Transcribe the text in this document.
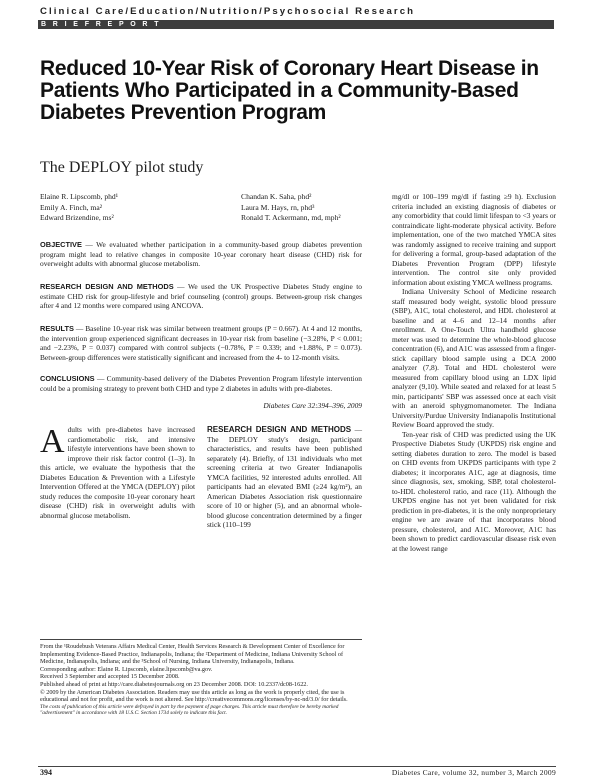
Clinical Care/Education/Nutrition/Psychosocial Research
B R I E F R E P O R T
Reduced 10-Year Risk of Coronary Heart Disease in Patients Who Participated in a Community-Based Diabetes Prevention Program
The DEPLOY pilot study
Elaine R. Lipscomb, phd¹
Emily A. Finch, ma²
Edward Brizendine, ms²
Chandan K. Saha, phd²
Laura M. Hays, rn, phd³
Ronald T. Ackermann, md, mph²
OBJECTIVE — We evaluated whether participation in a community-based group diabetes prevention program might lead to relative changes in composite 10-year coronary heart disease (CHD) risk for overweight adults with abnormal glucose metabolism.
RESEARCH DESIGN AND METHODS — We used the UK Prospective Diabetes Study engine to estimate CHD risk for group-lifestyle and brief counseling (control) groups. Between-group risk changes after 4 and 12 months were compared using ANCOVA.
RESULTS — Baseline 10-year risk was similar between treatment groups (P = 0.667). At 4 and 12 months, the intervention group experienced significant decreases in 10-year risk from baseline (−3.28%, P < 0.001; and −2.23%, P = 0.037) compared with control subjects (−0.78%, P = 0.339; and +1.88%, P = 0.073). Between-group differences were statistically significant and increased from the 4- to 12-month visits.
CONCLUSIONS — Community-based delivery of the Diabetes Prevention Program lifestyle intervention could be a promising strategy to prevent both CHD and type 2 diabetes in adults with pre-diabetes.
Diabetes Care 32:394–396, 2009
Adults with pre-diabetes have increased cardiometabolic risk, and intensive lifestyle interventions have been shown to improve their risk factor control (1–3). In this article, we evaluate the hypothesis that the Diabetes Education & Prevention with a Lifestyle Intervention Offered at the YMCA (DEPLOY) pilot study reduces the composite 10-year coronary heart disease (CHD) risk in overweight adults with abnormal glucose metabolism.
RESEARCH DESIGN AND METHODS — The DEPLOY study's design, participant characteristics, and results have been published separately (4). Briefly, of 131 individuals who met screening criteria at two Greater Indianapolis YMCA facilities, 92 interested adults enrolled. All participants had an elevated BMI (≥24 kg/m²), an American Diabetes Association risk questionnaire score of 10 or higher (5), and an abnormal whole-blood glucose concentration determined by a finger stick (110–199

mg/dl or 100–199 mg/dl if fasting ≥9 h). Exclusion criteria included an existing diagnosis of diabetes or any comorbidity that could limit lifespan to <3 years or contraindicate light-moderate physical activity. Before implementation, one of the two matched YMCA sites was randomly assigned to receive training and support for delivering a formal, group-based adaptation of the Diabetes Prevention Program (DPP) lifestyle intervention. The control site only provided information about existing YMCA wellness programs.

Indiana University School of Medicine research staff measured body weight, systolic blood pressure (SBP), A1C, total cholesterol, and HDL cholesterol at baseline and at 4–6 and 12–14 months after enrollment. A One-Touch Ultra handheld glucose meter was used to determine the whole-blood glucose concentration (6), and A1C was assessed from a finger-stick capillary blood sample using a DCA 2000 analyzer (7,8). Total and HDL cholesterol were measured from capillary blood using an LDX lipid analyzer (9,10). While seated and relaxed for at least 5 min, participants' SBP was assessed once at each visit with an aneroid sphygmomanometer. The Indiana University/Purdue University Indianapolis Institutional Review Board approved the study.

Ten-year risk of CHD was predicted using the UK Prospective Diabetes Study (UKPDS) risk engine and setting diabetes duration to zero. The model is based on CHD events from UKPDS participants with type 2 diabetes; it incorporates A1C, age at diagnosis, time since diagnosis, sex, smoking, SBP, total cholesterol-to-HDL cholesterol ratio, and race (11). Although the UKPDS engine has not yet been validated for risk prediction in pre-diabetes, it is the only nonproprietary engine we are aware of that incorporates blood pressure, cholesterol, and A1C. Moreover, A1C has been shown to predict cardiovascular disease risk even at the lowest range

From the ¹Roudebush Veterans Affairs Medical Center, Health Services Research & Development Center of Excellence for Implementing Evidence-Based Practice, Indianapolis, Indiana; the ²Department of Medicine, Indiana University School of Medicine, Indianapolis, Indiana; and the ³School of Nursing, Indiana University, Indianapolis, Indiana.

Corresponding author: Elaine R. Lipscomb, elaine.lipscomb@va.gov.

Received 3 September and accepted 15 December 2008.

Published ahead of print at http://care.diabetesjournals.org on 23 December 2008. DOI: 10.2337/dc08-1622.

© 2009 by the American Diabetes Association. Readers may use this article as long as the work is properly cited, the use is educational and not for profit, and the work is not altered. See http://creativecommons.org/licenses/by-nc-nd/3.0/ for details.

The costs of publication of this article were defrayed in part by the payment of page charges. This article must therefore be hereby marked "advertisement" in accordance with 18 U.S.C. Section 1734 solely to indicate this fact.

394	Diabetes Care, volume 32, number 3, March 2009
